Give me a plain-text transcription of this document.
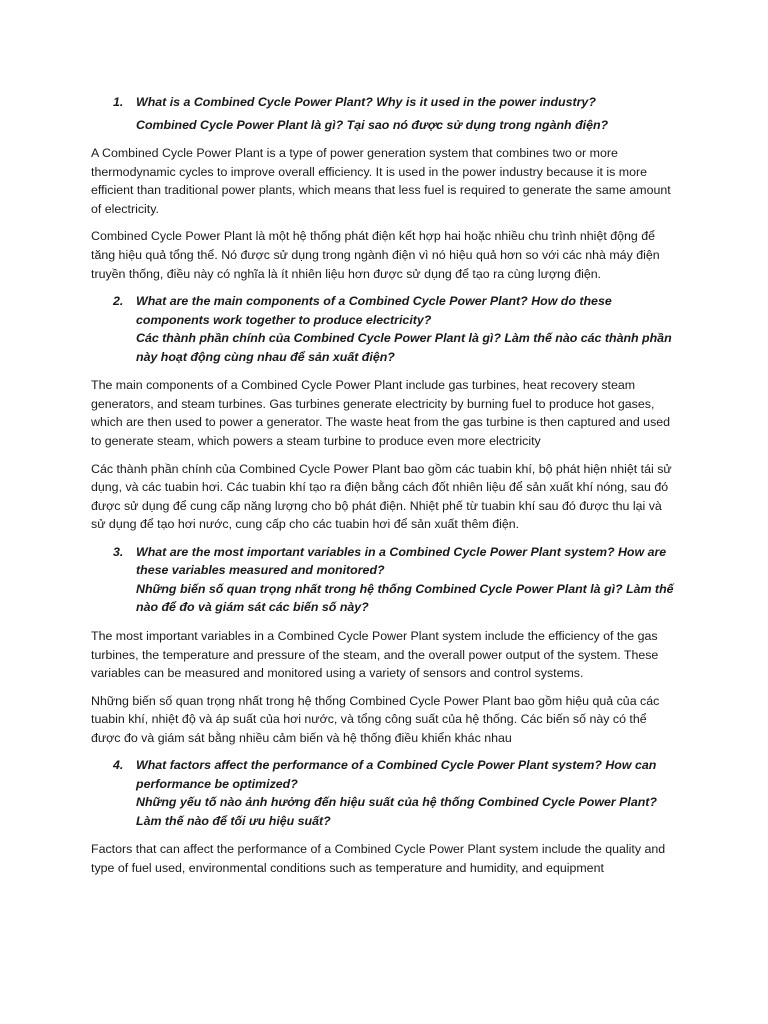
1.	What is a Combined Cycle Power Plant? Why is it used in the power industry?

Combined Cycle Power Plant là gì? Tại sao nó được sử dụng trong ngành điện?

A Combined Cycle Power Plant is a type of power generation system that combines two or more thermodynamic cycles to improve overall efficiency. It is used in the power industry because it is more efficient than traditional power plants, which means that less fuel is required to generate the same amount of electricity.

Combined Cycle Power Plant là một hệ thống phát điện kết hợp hai hoặc nhiều chu trình nhiệt động để tăng hiệu quả tổng thể. Nó được sử dụng trong ngành điện vì nó hiệu quả hơn so với các nhà máy điện truyền thống, điều này có nghĩa là ít nhiên liệu hơn được sử dụng để tạo ra cùng lượng điện.

2.	What are the main components of a Combined Cycle Power Plant? How do these components work together to produce electricity?
Các thành phần chính của Combined Cycle Power Plant là gì? Làm thế nào các thành phần này hoạt động cùng nhau để sản xuất điện?

The main components of a Combined Cycle Power Plant include gas turbines, heat recovery steam generators, and steam turbines. Gas turbines generate electricity by burning fuel to produce hot gases, which are then used to power a generator. The waste heat from the gas turbine is then captured and used to generate steam, which powers a steam turbine to produce even more electricity

Các thành phần chính của Combined Cycle Power Plant bao gồm các tuabin khí, bộ phát hiện nhiệt tái sử dụng, và các tuabin hơi. Các tuabin khí tạo ra điện bằng cách đốt nhiên liệu để sản xuất khí nóng, sau đó được sử dụng để cung cấp năng lượng cho bộ phát điện. Nhiệt phế từ tuabin khí sau đó được thu lại và sử dụng để tạo hơi nước, cung cấp cho các tuabin hơi để sản xuất thêm điện.

3.	What are the most important variables in a Combined Cycle Power Plant system? How are these variables measured and monitored?
Những biến số quan trọng nhất trong hệ thống Combined Cycle Power Plant là gì? Làm thế nào để đo và giám sát các biến số này?

The most important variables in a Combined Cycle Power Plant system include the efficiency of the gas turbines, the temperature and pressure of the steam, and the overall power output of the system. These variables can be measured and monitored using a variety of sensors and control systems.

Những biến số quan trọng nhất trong hệ thống Combined Cycle Power Plant bao gồm hiệu quả của các tuabin khí, nhiệt độ và áp suất của hơi nước, và tổng công suất của hệ thống. Các biến số này có thể được đo và giám sát bằng nhiều cảm biến và hệ thống điều khiển khác nhau

4.	What factors affect the performance of a Combined Cycle Power Plant system? How can performance be optimized?
Những yếu tố nào ảnh hưởng đến hiệu suất của hệ thống Combined Cycle Power Plant? Làm thế nào để tối ưu hiệu suất?

Factors that can affect the performance of a Combined Cycle Power Plant system include the quality and type of fuel used, environmental conditions such as temperature and humidity, and equipment
